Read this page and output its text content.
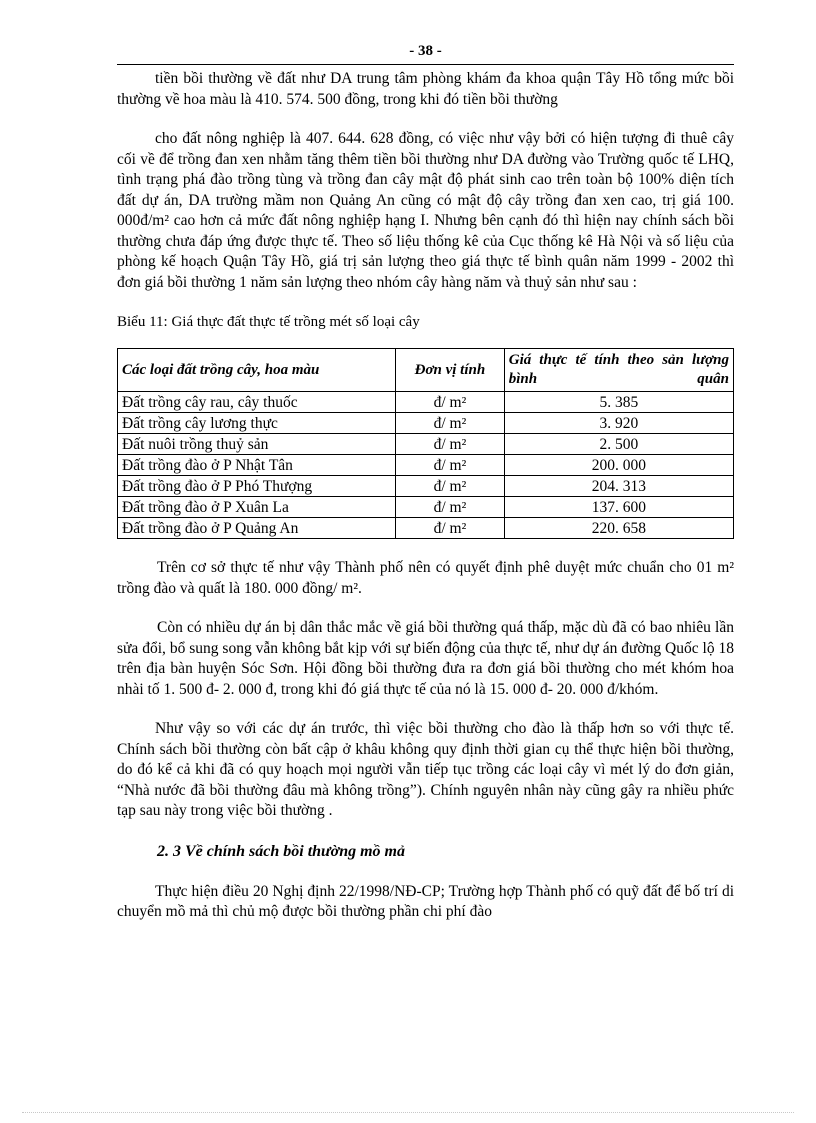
- 38 -

tiền bồi thường về đất như DA trung tâm phòng khám đa khoa quận Tây Hồ tổng mức bồi thường về hoa màu là 410. 574. 500 đồng, trong khi đó tiền bồi thường

cho đất nông nghiệp là 407. 644. 628 đồng, có việc như vậy bởi có hiện tượng đi thuê cây cối về để trồng đan xen nhằm tăng thêm tiền bồi thường như DA đường vào Trường quốc tế LHQ, tình trạng phá đào trồng tùng và trồng đan cây mật độ phát sinh cao trên toàn bộ 100% diện tích đất dự án, DA trường mầm non Quảng An cũng có mật độ cây trồng đan xen cao, trị giá 100. 000đ/m² cao hơn cả mức đất nông nghiệp hạng I. Nhưng bên cạnh đó thì hiện nay chính sách bồi thường chưa đáp ứng được thực tế. Theo số liệu thống kê của Cục thống kê Hà Nội và số liệu của phòng kế hoạch Quận Tây Hồ, giá trị sản lượng theo giá thực tế bình quân năm 1999 - 2002 thì đơn giá bồi thường 1 năm sản lượng theo nhóm cây hàng năm và thuỷ sản như sau :

Biểu 11: Giá thực đất thực tế trồng mét số loại cây

Các loại đất trồng cây, hoa màu	Đơn vị tính	Giá thực tế tính theo sản lượng bình quân
Đất trồng cây rau, cây thuốc	đ/ m²	5. 385
Đất trồng cây lương thực	đ/ m²	3. 920
Đất nuôi trồng thuỷ sản	đ/ m²	2. 500
Đất trồng đào ở P Nhật Tân	đ/ m²	200. 000
Đất trồng đào ở P Phó Thượng	đ/ m²	204. 313
Đất trồng đào ở P Xuân La	đ/ m²	137. 600
Đất trồng đào ở P Quảng An	đ/ m²	220. 658

Trên cơ sở thực tế như vậy Thành phố nên có quyết định phê duyệt mức chuẩn cho 01 m² trồng đào và quất là 180. 000 đồng/ m².

Còn có nhiều dự án bị dân thắc mắc về giá bồi thường quá thấp, mặc dù đã có bao nhiêu lần sửa đổi, bổ sung song vẫn không bắt kịp với sự biến động của thực tế, như dự án đường Quốc lộ 18 trên địa bàn huyện Sóc Sơn. Hội đồng bồi thường đưa ra đơn giá bồi thường cho mét khóm hoa nhài tố 1. 500 đ- 2. 000 đ, trong khi đó giá thực tế của nó là 15. 000 đ- 20. 000 đ/khóm.

Như vậy so với các dự án trước, thì việc bồi thường cho đào là thấp hơn so với thực tế. Chính sách bồi thường còn bất cập ở khâu không quy định thời gian cụ thể thực hiện bồi thường, do đó kể cả khi đã có quy hoạch mọi người vẫn tiếp tục trồng các loại cây vì mét lý do đơn giản, “Nhà nước đã bồi thường đâu mà không trồng”). Chính nguyên nhân này cũng gây ra nhiều phức tạp sau này trong việc bồi thường .

2. 3 Về chính sách bồi thường mồ mả

Thực hiện điều 20 Nghị định 22/1998/NĐ-CP; Trường hợp Thành phố có quỹ đất để bố trí di chuyển mồ mả thì chủ mộ được bồi thường phần chi phí đào
